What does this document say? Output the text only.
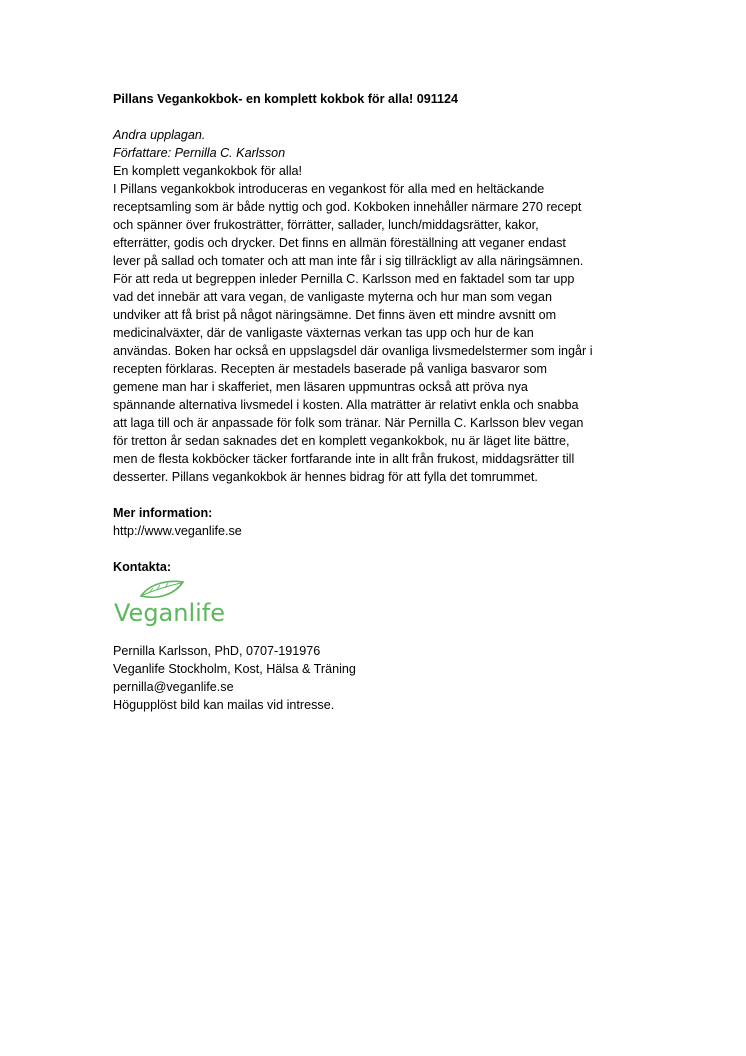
Pillans Vegankokbok- en komplett kokbok för alla! 091124
Andra upplagan.
Författare: Pernilla C. Karlsson
En komplett vegankokbok för alla!
I Pillans vegankokbok introduceras en vegankost för alla med en heltäckande
receptsamling som är både nyttig och god. Kokboken innehåller närmare 270 recept
och spänner över frukosträtter, förrätter, sallader, lunch/middagsrätter, kakor,
efterrätter, godis och drycker. Det finns en allmän föreställning att veganer endast
lever på sallad och tomater och att man inte får i sig tillräckligt av alla näringsämnen.
För att reda ut begreppen inleder Pernilla C. Karlsson med en faktadel som tar upp
vad det innebär att vara vegan, de vanligaste myterna och hur man som vegan
undviker att få brist på något näringsämne. Det finns även ett mindre avsnitt om
medicinalväxter, där de vanligaste växternas verkan tas upp och hur de kan
användas. Boken har också en uppslagsdel där ovanliga livsmedelstermer som ingår i
recepten förklaras. Recepten är mestadels baserade på vanliga basvaror som
gemene man har i skafferiet, men läsaren uppmuntras också att pröva nya
spännande alternativa livsmedel i kosten. Alla maträtter är relativt enkla och snabba
att laga till och är anpassade för folk som tränar. När Pernilla C. Karlsson blev vegan
för tretton år sedan saknades det en komplett vegankokbok, nu är läget lite bättre,
men de flesta kokböcker täcker fortfarande inte in allt från frukost, middagsrätter till
desserter. Pillans vegankokbok är hennes bidrag för att fylla det tomrummet.
Mer information:
http://www.veganlife.se
Kontakta:
Veganlife
Pernilla Karlsson, PhD, 0707-191976
Veganlife Stockholm, Kost, Hälsa & Träning
pernilla@veganlife.se
Högupplöst bild kan mailas vid intresse.
